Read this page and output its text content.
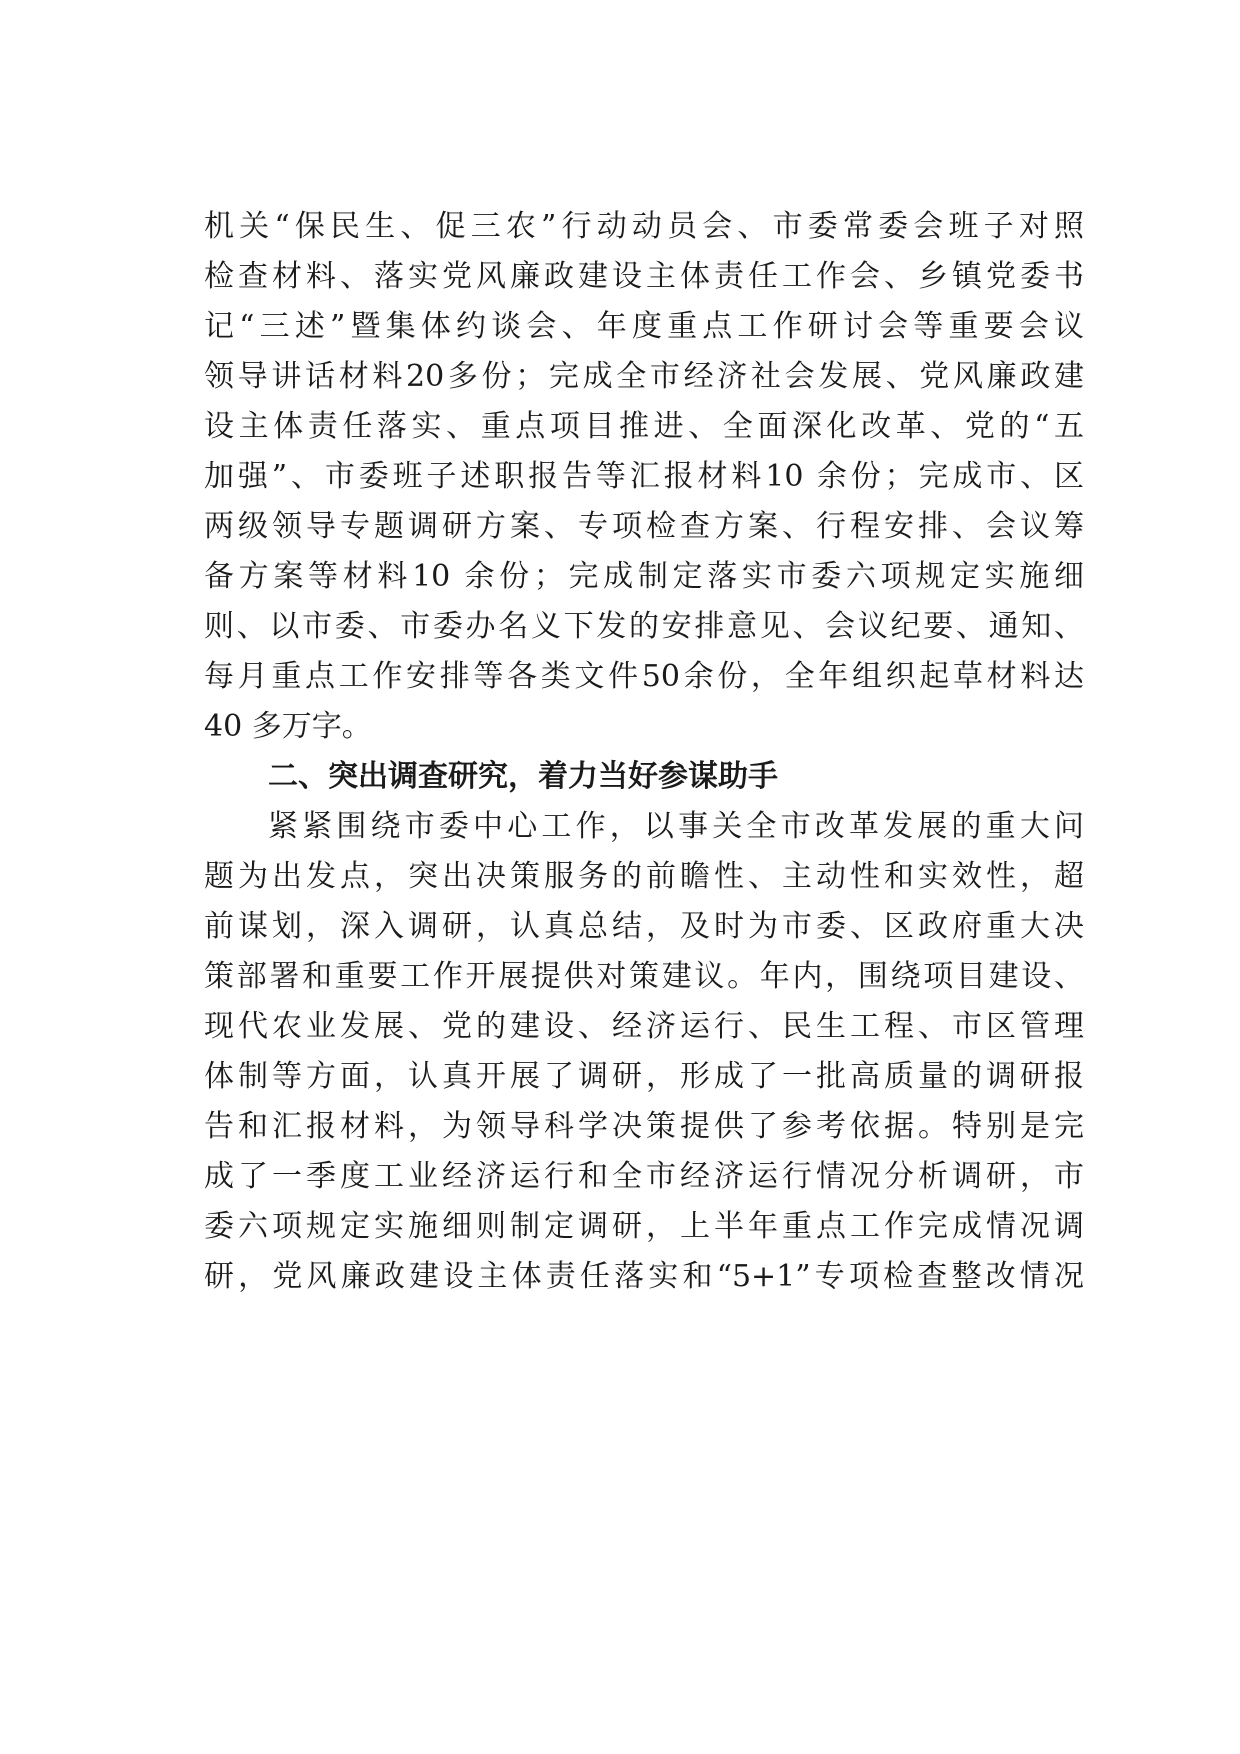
机关“保民生、促三农”行动动员会、市委常委会班子对照
检查材料、落实党风廉政建设主体责任工作会、乡镇党委书
记“三述”暨集体约谈会、年度重点工作研讨会等重要会议
领导讲话材料20多份；完成全市经济社会发展、党风廉政建
设主体责任落实、重点项目推进、全面深化改革、党的“五
加强”、市委班子述职报告等汇报材料10 余份；完成市、区
两级领导专题调研方案、专项检查方案、行程安排、会议筹
备方案等材料10 余份；完成制定落实市委六项规定实施细
则、以市委、市委办名义下发的安排意见、会议纪要、通知、
每月重点工作安排等各类文件50余份，全年组织起草材料达
40 多万字。
二、突出调查研究，着力当好参谋助手
紧紧围绕市委中心工作，以事关全市改革发展的重大问
题为出发点，突出决策服务的前瞻性、主动性和实效性，超
前谋划，深入调研，认真总结，及时为市委、区政府重大决
策部署和重要工作开展提供对策建议。年内，围绕项目建设、
现代农业发展、党的建设、经济运行、民生工程、市区管理
体制等方面，认真开展了调研，形成了一批高质量的调研报
告和汇报材料，为领导科学决策提供了参考依据。特别是完
成了一季度工业经济运行和全市经济运行情况分析调研，市
委六项规定实施细则制定调研，上半年重点工作完成情况调
研，党风廉政建设主体责任落实和“5+1”专项检查整改情况
